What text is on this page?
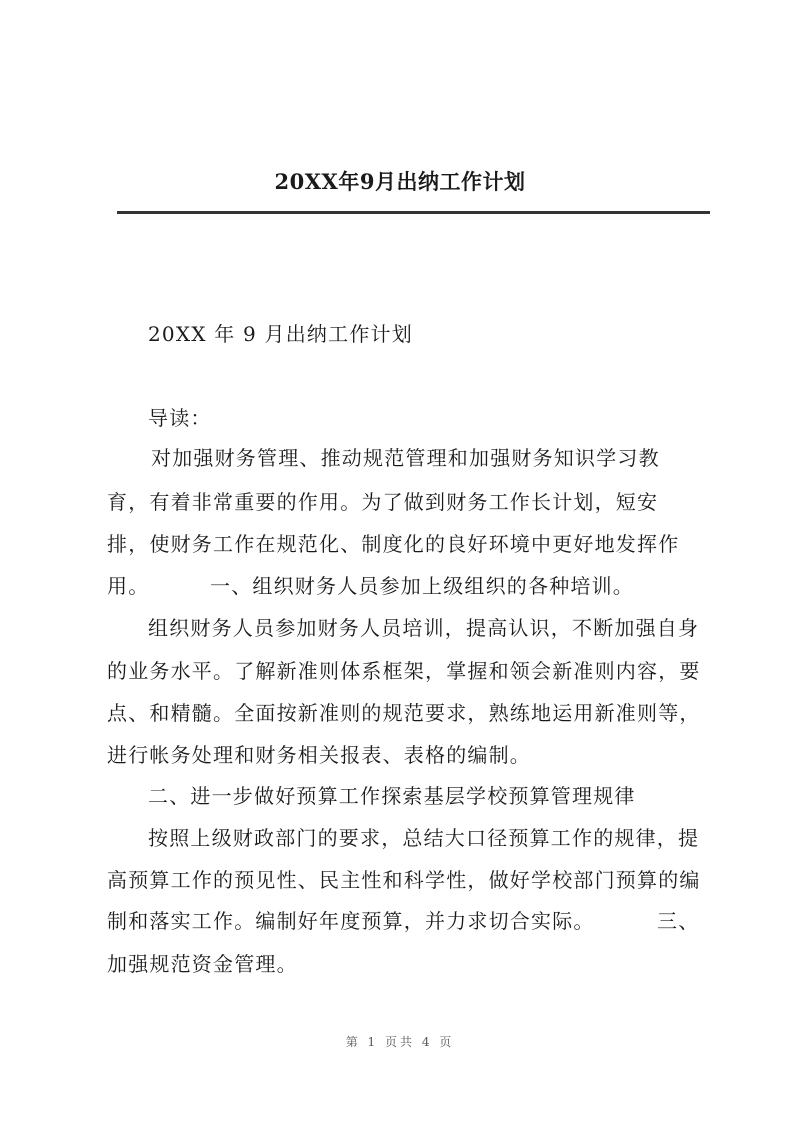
20XX年9月出纳工作计划
20XX 年 9 月出纳工作计划
导读：
对加强财务管理、推动规范管理和加强财务知识学习教
育，有着非常重要的作用。为了做到财务工作长计划，短安
排，使财务工作在规范化、制度化的良好环境中更好地发挥作
用。	一、组织财务人员参加上级组织的各种培训。
组织财务人员参加财务人员培训，提高认识，不断加强自身
的业务水平。了解新准则体系框架，掌握和领会新准则内容，要
点、和精髓。全面按新准则的规范要求，熟练地运用新准则等，
进行帐务处理和财务相关报表、表格的编制。
二、进一步做好预算工作探索基层学校预算管理规律
按照上级财政部门的要求，总结大口径预算工作的规律，提
高预算工作的预见性、民主性和科学性，做好学校部门预算的编
制和落实工作。编制好年度预算，并力求切合实际。	三、
加强规范资金管理。
第 1 页共 4 页
